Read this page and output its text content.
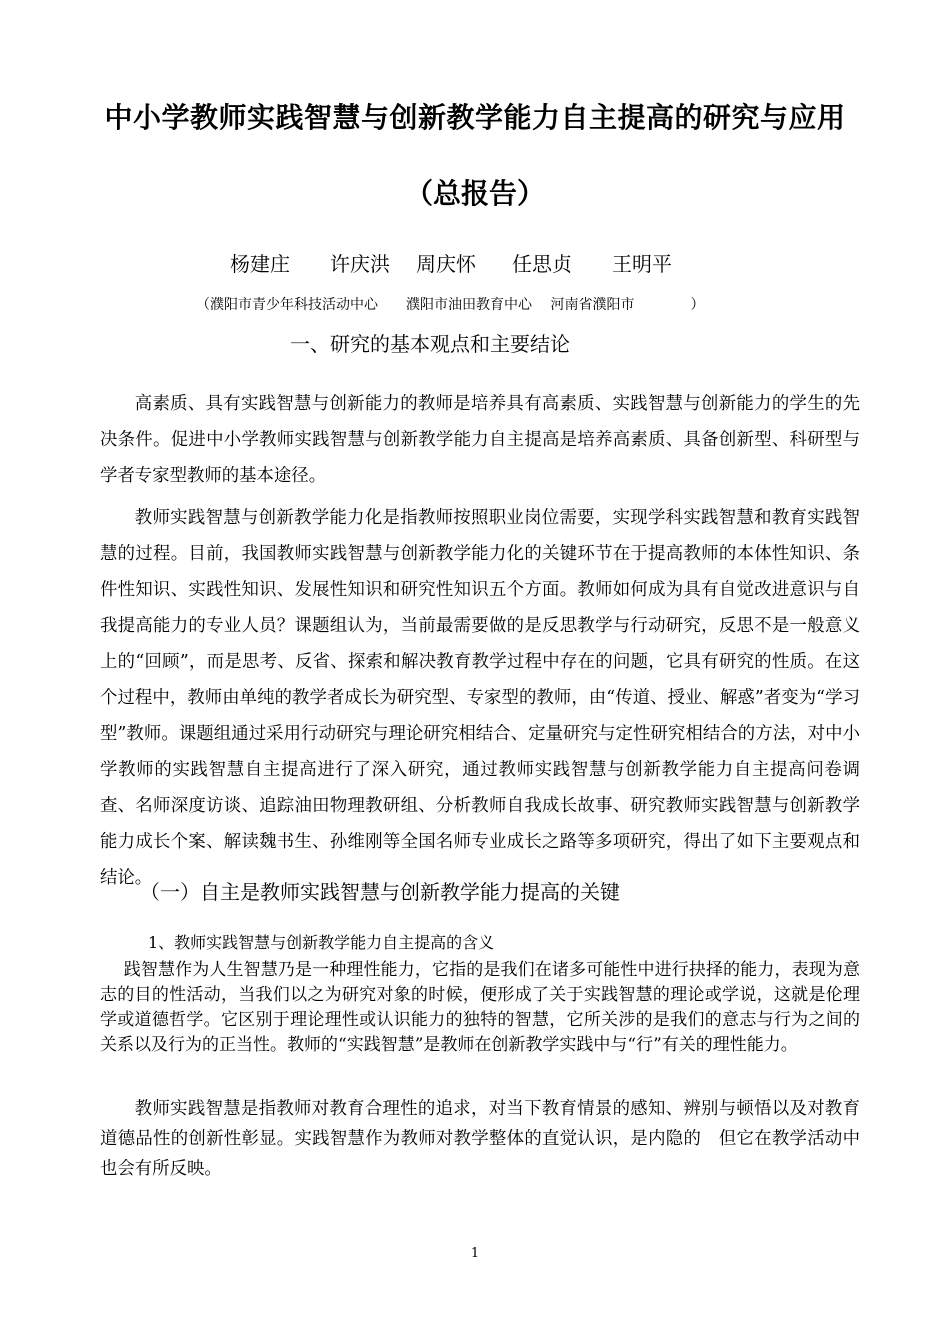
中小学教师实践智慧与创新教学能力自主提高的研究与应用
（总报告）
杨建庄 许庆洪 周庆怀 任思贞 王明平
（濮阳市青少年科技活动中心　　濮阳市油田教育中心　 河南省濮阳市　　　　）
一、研究的基本观点和主要结论
高素质、具有实践智慧与创新能力的教师是培养具有高素质、实践智慧与创新能力的学生的先决条件。促进中小学教师实践智慧与创新教学能力自主提高是培养高素质、具备创新型、科研型与学者专家型教师的基本途径。
教师实践智慧与创新教学能力化是指教师按照职业岗位需要，实现学科实践智慧和教育实践智慧的过程。目前，我国教师实践智慧与创新教学能力化的关键环节在于提高教师的本体性知识、条件性知识、实践性知识、发展性知识和研究性知识五个方面。教师如何成为具有自觉改进意识与自我提高能力的专业人员？课题组认为，当前最需要做的是反思教学与行动研究，反思不是一般意义上的“回顾”，而是思考、反省、探索和解决教育教学过程中存在的问题，它具有研究的性质。在这个过程中，教师由单纯的教学者成长为研究型、专家型的教师，由“传道、授业、解惑”者变为“学习型”教师。课题组通过采用行动研究与理论研究相结合、定量研究与定性研究相结合的方法，对中小学教师的实践智慧自主提高进行了深入研究，通过教师实践智慧与创新教学能力自主提高问卷调查、名师深度访谈、追踪油田物理教研组、分析教师自我成长故事、研究教师实践智慧与创新教学能力成长个案、解读魏书生、孙维刚等全国名师专业成长之路等多项研究，得出了如下主要观点和结论。
（一）自主是教师实践智慧与创新教学能力提高的关键
1、教师实践智慧与创新教学能力自主提高的含义
践智慧作为人生智慧乃是一种理性能力，它指的是我们在诸多可能性中进行抉择的能力，表现为意志的目的性活动，当我们以之为研究对象的时候，便形成了关于实践智慧的理论或学说，这就是伦理学或道德哲学。它区别于理论理性或认识能力的独特的智慧，它所关涉的是我们的意志与行为之间的关系以及行为的正当性。教师的“实践智慧”是教师在创新教学实践中与“行”有关的理性能力。
教师实践智慧是指教师对教育合理性的追求，对当下教育情景的感知、辨别与顿悟以及对教育道德品性的创新性彰显。实践智慧作为教师对教学整体的直觉认识，是内隐的　但它在教学活动中也会有所反映。
1
